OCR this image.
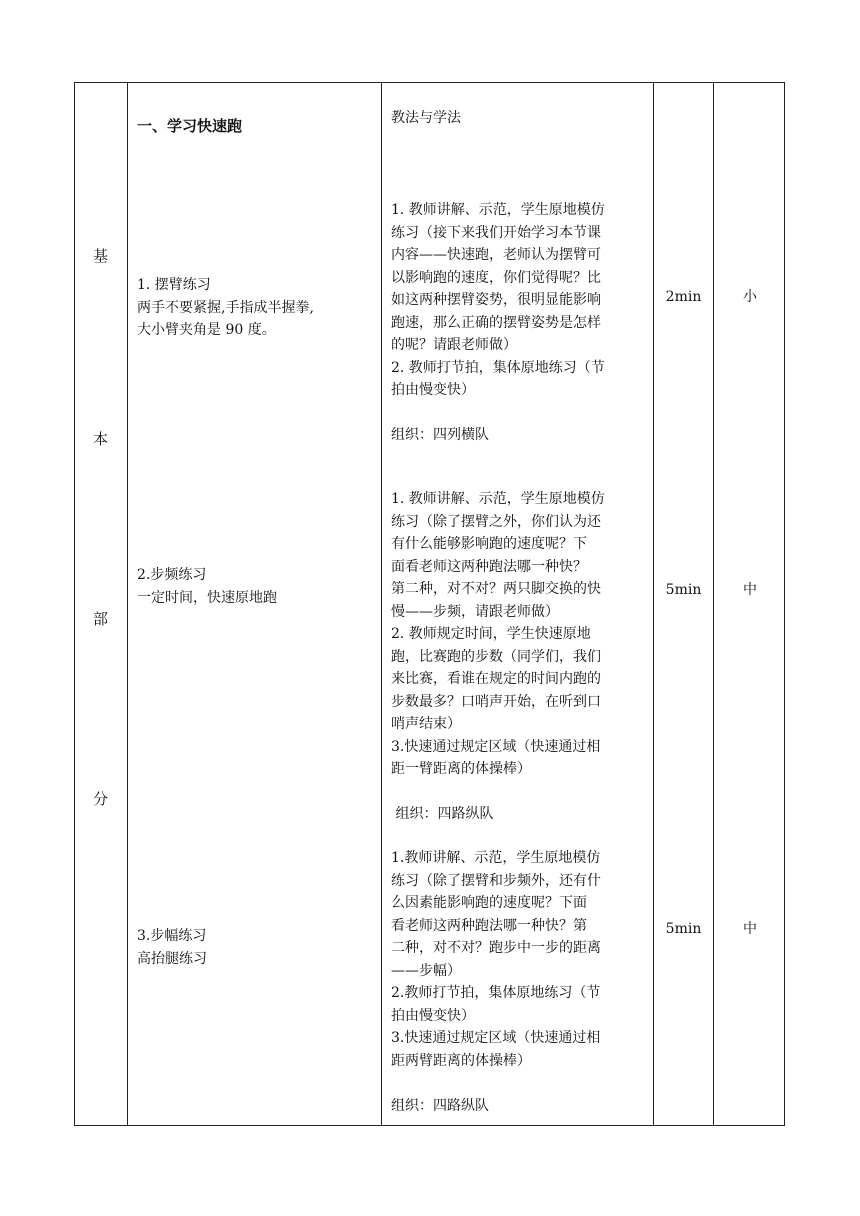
基
本
部
分
一、学习快速跑
1. 摆臂练习
两手不要紧握,手指成半握拳,
大小臂夹角是 90 度。
2.步频练习
一定时间，快速原地跑
3.步幅练习
高抬腿练习
教法与学法
1. 教师讲解、示范，学生原地模仿
练习（接下来我们开始学习本节课
内容——快速跑，老师认为摆臂可
以影响跑的速度，你们觉得呢？比
如这两种摆臂姿势，很明显能影响
跑速，那么正确的摆臂姿势是怎样
的呢？请跟老师做）
2. 教师打节拍，集体原地练习（节
拍由慢变快）
组织：四列横队
1. 教师讲解、示范，学生原地模仿
练习（除了摆臂之外，你们认为还
有什么能够影响跑的速度呢？下
面看老师这两种跑法哪一种快？
第二种，对不对？两只脚交换的快
慢——步频，请跟老师做）
2. 教师规定时间，学生快速原地
跑，比赛跑的步数（同学们，我们
来比赛，看谁在规定的时间内跑的
步数最多？口哨声开始，在听到口
哨声结束）
3.快速通过规定区域（快速通过相
距一臂距离的体操棒）
组织：四路纵队
1.教师讲解、示范，学生原地模仿
练习（除了摆臂和步频外，还有什
么因素能影响跑的速度呢？下面
看老师这两种跑法哪一种快？第
二种，对不对？跑步中一步的距离
——步幅）
2.教师打节拍，集体原地练习（节
拍由慢变快）
3.快速通过规定区域（快速通过相
距两臂距离的体操棒）
组织：四路纵队
2min
5min
5min
小
中
中
